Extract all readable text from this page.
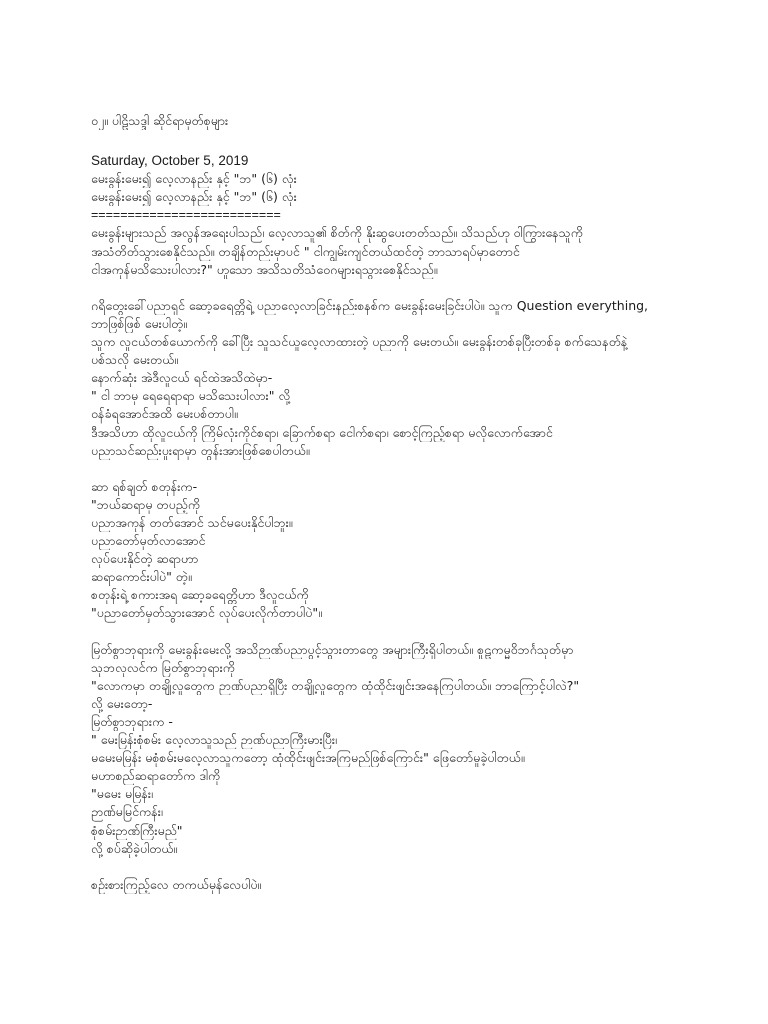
၀၂။ ပါဠိသဒ္ဒါ ဆိုင်ရာမှတ်စုများ
Saturday, October 5, 2019
မေးခွန်းမေး၍ လေ့လာနည်း နှင့် "ဘ" (၆) လုံး
မေးခွန်းမေး၍ လေ့လာနည်း နှင့် "ဘ" (၆) လုံး
==========================
မေးခွန်းများသည် အလွန်အရေးပါသည်၊ လေ့လာသူ၏ စိတ်ကို နိုးဆွပေးတတ်သည်။ သိသည်ဟု ဝါကြွားနေသူကို
အသံတိတ်သွားစေနိုင်သည်။ တချိန်တည်းမှာပင် " ငါကျွမ်းကျင်တယ်ထင်တဲ့ ဘာသာရပ်မှာတောင်
ငါအကုန်မသိသေးပါလား?" ဟူသော အသိသတိသံဝေဂများရသွားစေနိုင်သည်။
ဂရိတွေးခေါ်ပညာရှင် ဆော့ခရေတ္တိရဲ့ ပညာလေ့လာခြင်းနည်းစနစ်က မေးခွန်းမေးခြင်းပါပဲ။ သူက Question everything,
ဘာဖြစ်ဖြစ် မေးပါတဲ့။
သူက လူငယ်တစ်ယောက်ကို ခေါ်ပြီး သူသင်ယူလေ့လာထားတဲ့ ပညာကို မေးတယ်။ မေးခွန်းတစ်ခုပြီးတစ်ခု စက်သေနတ်နဲ့
ပစ်သလို မေးတယ်။
နောက်ဆုံး အဲဒီလူငယ် ရင်ထဲအသိထဲမှာ-
" ငါ ဘာမှ ရေရေရာရာ မသိသေးပါလား" လို့
ဝန်ခံရအောင်အထိ မေးပစ်တာပါ။
ဒီအသိဟာ ထိုလူငယ်ကို ကြိမ်လုံးကိုင်စရာ၊ ခြောက်စရာ ငေါက်စရာ၊ စောင့်ကြည့်စရာ မလိုလောက်အောင်
ပညာသင်ဆည်းပူးရာမှာ တွန်းအားဖြစ်စေပါတယ်။
ဆာ ရစ်ချတ် စတုန်းက-
"ဘယ်ဆရာမှ တပည့်ကို
ပညာအကုန် တတ်အောင် သင်မပေးနိုင်ပါဘူး။
ပညာတော်မှတ်လာအောင်
လုပ်ပေးနိုင်တဲ့ ဆရာဟာ
ဆရာကောင်းပါပဲ" တဲ့။
စတုန်းရဲ့ စကားအရ ဆော့ခရေတ္တိဟာ ဒီလူငယ်ကို
"ပညာတော်မှတ်သွားအောင် လုပ်ပေးလိုက်တာပါပဲ"။
မြတ်စွာဘုရားကို မေးခွန်းမေးလို့ အသိဉာဏ်ပညာပွင့်သွားတာတွေ အများကြီးရှိပါတယ်။ စူဠကမ္မဝိဘင်္ဂသုတ်မှာ
သုဘလုလင်က မြတ်စွာဘုရားကို
"လောကမှာ တချို့လူတွေက ဉာဏ်ပညာရှိပြီး တချို့လူတွေက ထုံထိုင်းဖျင်းအနေကြပါတယ်။ ဘာကြောင့်ပါလဲ?"
လို့ မေးတော့-
မြတ်စွာဘုရားက -
" မေးမြန်းစုံစမ်း လေ့လာသူသည် ဉာဏ်ပညာကြီးမားပြီး၊
မမေးမမြန်း မစုံစမ်းမလေ့လာသူကတော့ ထုံထိုင်းဖျင်းအကြမည်ဖြစ်ကြောင်း" ဖြေတော်မူခဲ့ပါတယ်။
မဟာစည်ဆရာတော်က ဒါကို
"မမေး မမြန်း၊
ဉာဏ်မမြင်ကန်း၊
စုံစမ်းဉာဏ်ကြီးမည်"
လို့ စပ်ဆိုခဲ့ပါတယ်။
စဉ်းစားကြည့်လေ တကယ်မှန်လေပါပဲ။
